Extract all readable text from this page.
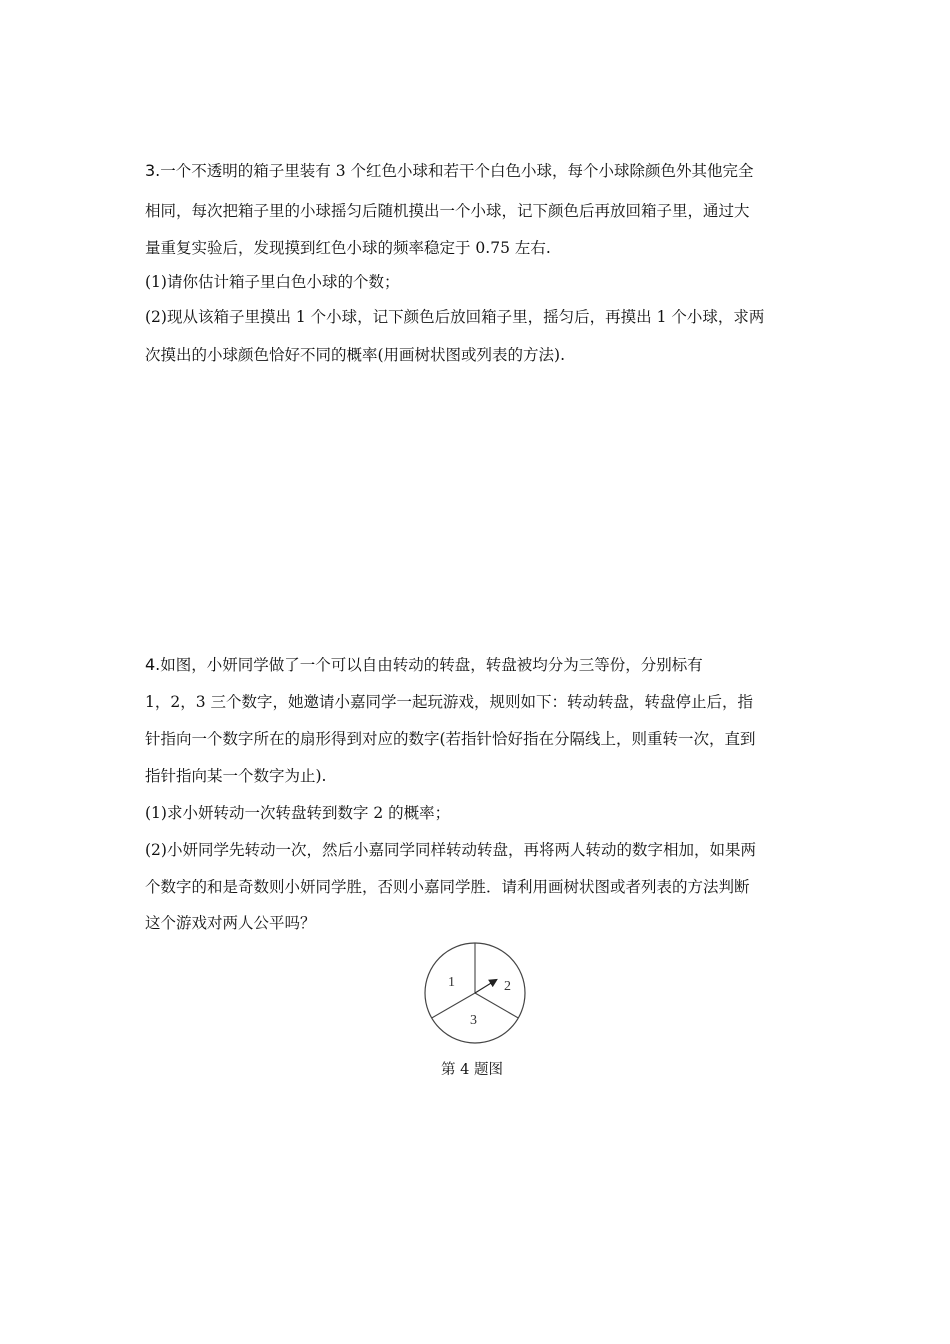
3.一个不透明的箱子里装有 3 个红色小球和若干个白色小球，每个小球除颜色外其他完全
相同，每次把箱子里的小球摇匀后随机摸出一个小球，记下颜色后再放回箱子里，通过大
量重复实验后，发现摸到红色小球的频率稳定于 0.75 左右.
(1)请你估计箱子里白色小球的个数；
(2)现从该箱子里摸出 1 个小球，记下颜色后放回箱子里，摇匀后，再摸出 1 个小球，求两
次摸出的小球颜色恰好不同的概率(用画树状图或列表的方法).
4.如图，小妍同学做了一个可以自由转动的转盘，转盘被均分为三等份，分别标有
1，2，3 三个数字，她邀请小嘉同学一起玩游戏，规则如下：转动转盘，转盘停止后，指
针指向一个数字所在的扇形得到对应的数字(若指针恰好指在分隔线上，则重转一次，直到
指针指向某一个数字为止).
(1)求小妍转动一次转盘转到数字 2 的概率；
(2)小妍同学先转动一次，然后小嘉同学同样转动转盘，再将两人转动的数字相加，如果两
个数字的和是奇数则小妍同学胜，否则小嘉同学胜．请利用画树状图或者列表的方法判断
这个游戏对两人公平吗？
1	2
3
第 4 题图
